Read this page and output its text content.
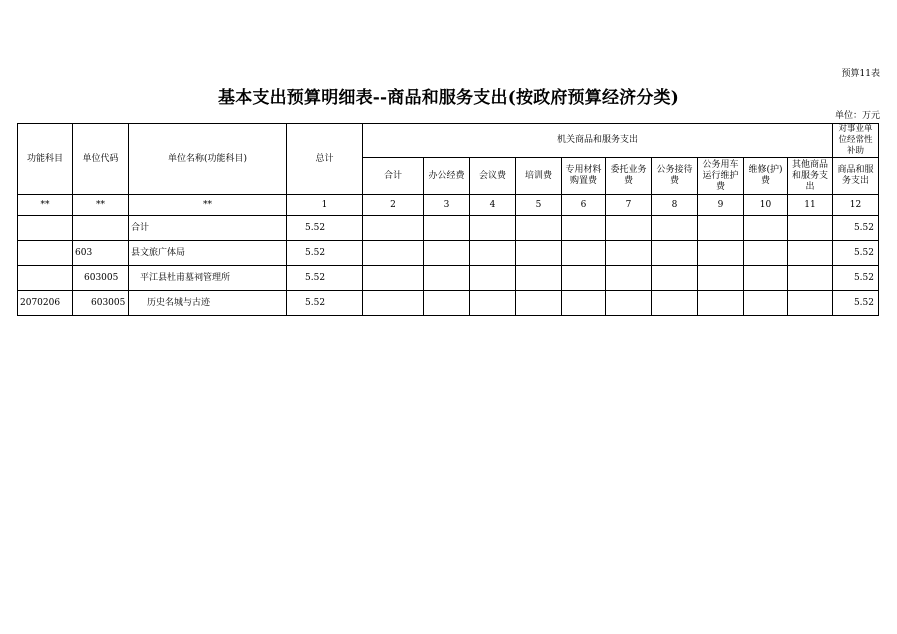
预算11表
基本支出预算明细表--商品和服务支出(按政府预算经济分类)
单位：万元
功能科目	单位代码	单位名称(功能科目)	总计	机关商品和服务支出										对事业单位经常性补助
				合计	办公经费	会议费	培训费	专用材料购置费	委托业务费	公务接待费	公务用车运行维护费	维修(护)费	其他商品和服务支出	商品和服务支出
**	**	**	1	2	3	4	5	6	7	8	9	10	11	12
		合计	5.52											5.52
	603	县文旅广体局	5.52											5.52
	603005	平江县杜甫墓祠管理所	5.52											5.52
2070206	603005	历史名城与古迹	5.52											5.52
